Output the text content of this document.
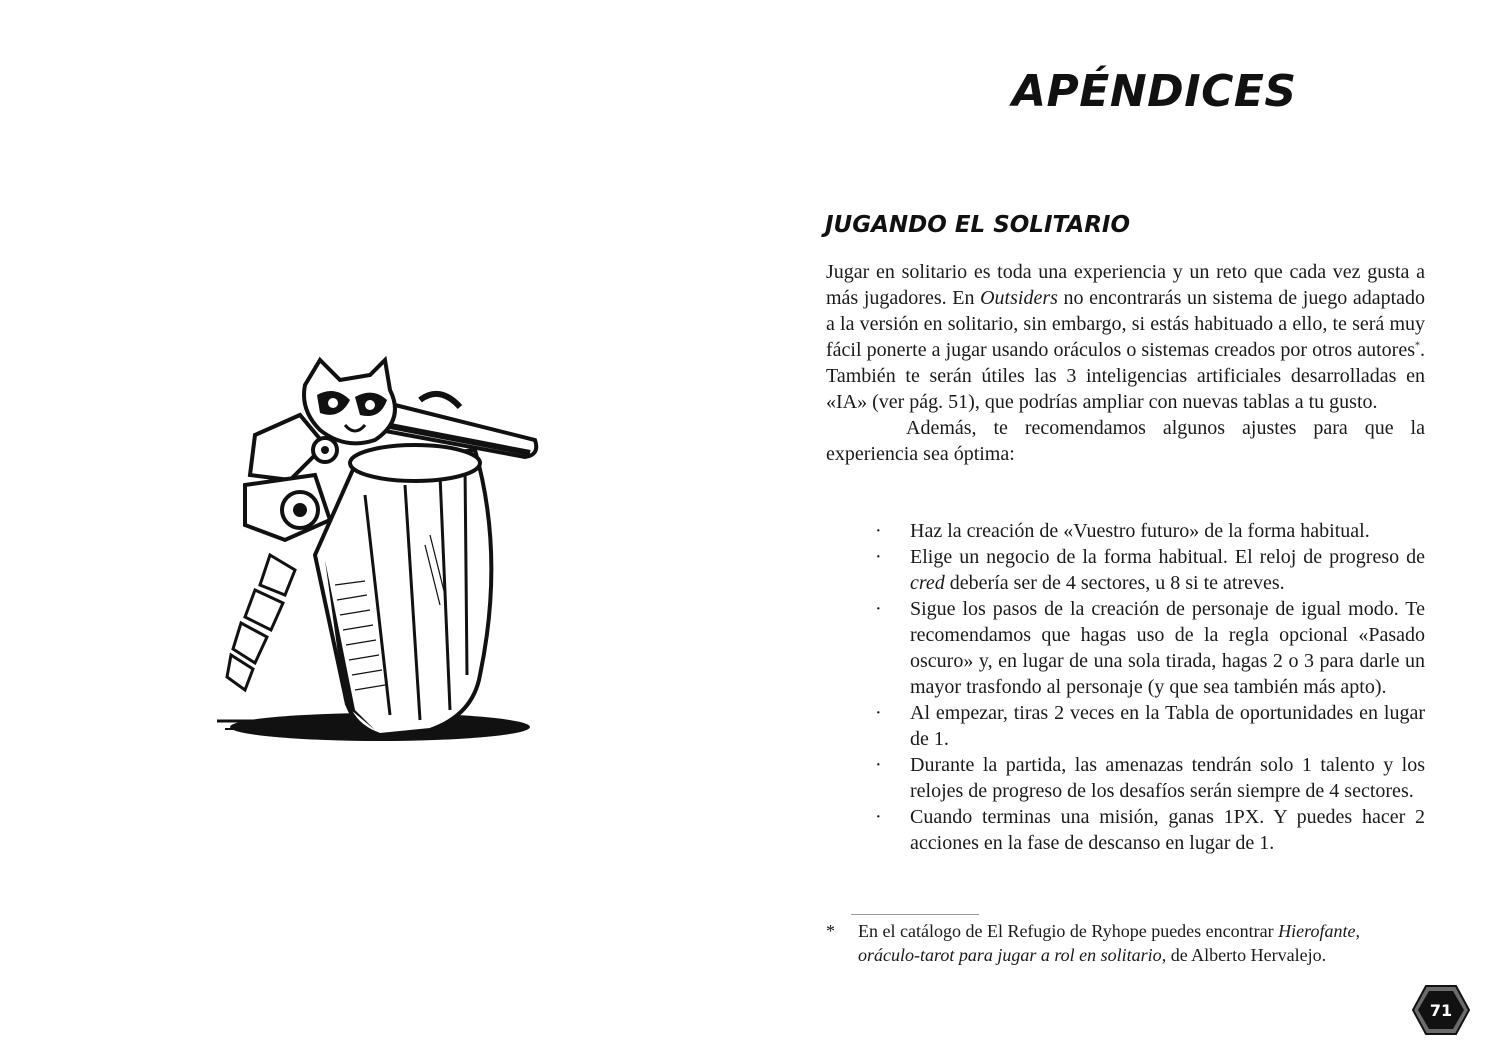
APÉNDICES
JUGANDO EL SOLITARIO

Jugar en solitario es toda una experiencia y un reto que cada vez gusta a más jugadores. En Outsiders no encontrarás un sistema de juego adaptado a la versión en solitario, sin embargo, si estás habituado a ello, te será muy fácil ponerte a jugar usando oráculos o sistemas creados por otros autores*. También te serán útiles las 3 inteligencias artificiales desarrolladas en «IA» (ver pág. 51), que podrías ampliar con nuevas tablas a tu gusto.

Además, te recomendamos algunos ajustes para que la experiencia sea óptima:

· Haz la creación de «Vuestro futuro» de la forma habitual.
· Elige un negocio de la forma habitual. El reloj de progreso de cred debería ser de 4 sectores, u 8 si te atreves.
· Sigue los pasos de la creación de personaje de igual modo. Te recomendamos que hagas uso de la regla opcional «Pasado oscuro» y, en lugar de una sola tirada, hagas 2 o 3 para darle un mayor trasfondo al personaje (y que sea también más apto).
· Al empezar, tiras 2 veces en la Tabla de oportunidades en lugar de 1.
· Durante la partida, las amenazas tendrán solo 1 talento y los relojes de progreso de los desafíos serán siempre de 4 sectores.
· Cuando terminas una misión, ganas 1PX. Y puedes hacer 2 acciones en la fase de descanso en lugar de 1.
* En el catálogo de El Refugio de Ryhope puedes encontrar Hierofante, oráculo-tarot para jugar a rol en solitario, de Alberto Hervalejo.
71
